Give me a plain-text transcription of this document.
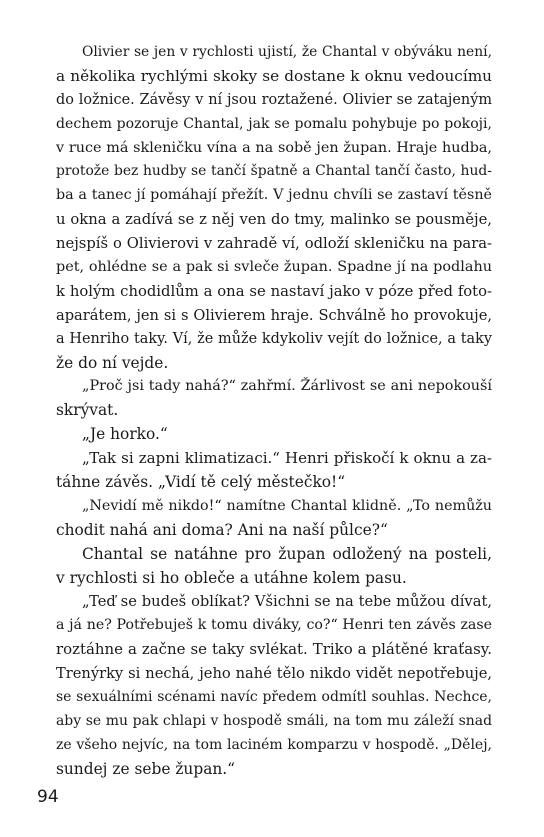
Olivier se jen v rychlosti ujistí, že Chantal v obýváku není,
a několika rychlými skoky se dostane k oknu vedoucímu
do ložnice. Závěsy v ní jsou roztažené. Olivier se zatajeným
dechem pozoruje Chantal, jak se pomalu pohybuje po pokoji,
v ruce má skleničku vína a na sobě jen župan. Hraje hudba,
protože bez hudby se tančí špatně a Chantal tančí často, hud-
ba a tanec jí pomáhají přežít. V jednu chvíli se zastaví těsně
u okna a zadívá se z něj ven do tmy, malinko se pousměje,
nejspíš o Olivierovi v zahradě ví, odloží skleničku na para-
pet, ohlédne se a pak si svleče župan. Spadne jí na podlahu
k holým chodidlům a ona se nastaví jako v póze před foto-
aparátem, jen si s Olivierem hraje. Schválně ho provokuje,
a Henriho taky. Ví, že může kdykoliv vejít do ložnice, a taky
že do ní vejde.
„Proč jsi tady nahá?“ zahřmí. Žárlivost se ani nepokouší
skrývat.
„Je horko.“
„Tak si zapni klimatizaci.“ Henri přiskočí k oknu a za-
táhne závěs. „Vidí tě celý městečko!“
„Nevidí mě nikdo!“ namítne Chantal klidně. „To nemůžu
chodit nahá ani doma? Ani na naší půlce?“
Chantal se natáhne pro župan odložený na posteli,
v rychlosti si ho obleče a utáhne kolem pasu.
„Teď se budeš oblíkat? Všichni se na tebe můžou dívat,
a já ne? Potřebuješ k tomu diváky, co?“ Henri ten závěs zase
roztáhne a začne se taky svlékat. Triko a plátěné kraťasy.
Trenýrky si nechá, jeho nahé tělo nikdo vidět nepotřebuje,
se sexuálními scénami navíc předem odmítl souhlas. Nechce,
aby se mu pak chlapi v hospodě smáli, na tom mu záleží snad
ze všeho nejvíc, na tom laciném komparzu v hospodě. „Dělej,
sundej ze sebe župan.“
94
